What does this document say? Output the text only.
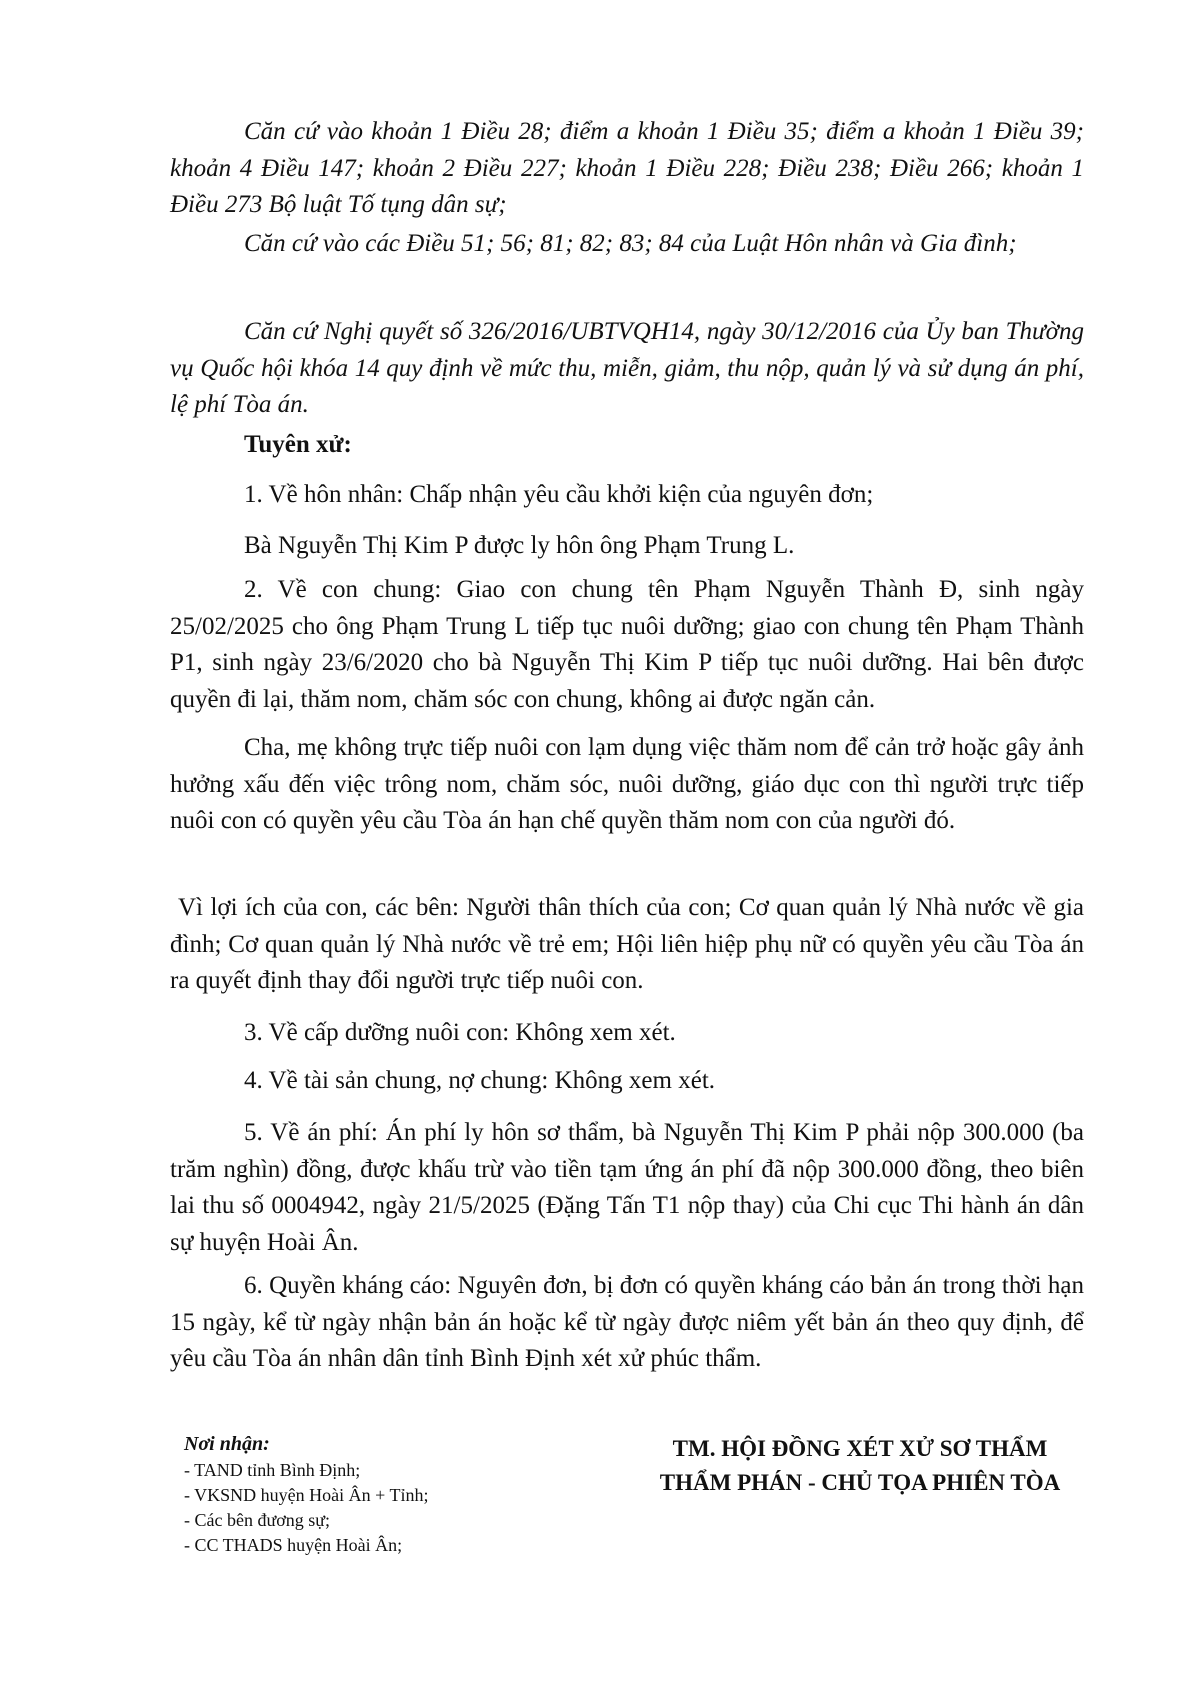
Căn cứ vào khoản 1 Điều 28; điểm a khoản 1 Điều 35; điểm a khoản 1 Điều 39; khoản 4 Điều 147; khoản 2 Điều 227; khoản 1 Điều 228; Điều 238; Điều 266; khoản 1 Điều 273 Bộ luật Tố tụng dân sự;

Căn cứ vào các Điều 51; 56; 81; 82; 83; 84 của Luật Hôn nhân và Gia đình;

Căn cứ Nghị quyết số 326/2016/UBTVQH14, ngày 30/12/2016 của Ủy ban Thường vụ Quốc hội khóa 14 quy định về mức thu, miễn, giảm, thu nộp, quản lý và sử dụng án phí, lệ phí Tòa án.

Tuyên xử:

1. Về hôn nhân: Chấp nhận yêu cầu khởi kiện của nguyên đơn;

Bà Nguyễn Thị Kim P được ly hôn ông Phạm Trung L.

2. Về con chung: Giao con chung tên Phạm Nguyễn Thành Đ, sinh ngày 25/02/2025 cho ông Phạm Trung L tiếp tục nuôi dưỡng; giao con chung tên Phạm Thành P1, sinh ngày 23/6/2020 cho bà Nguyễn Thị Kim P tiếp tục nuôi dưỡng. Hai bên được quyền đi lại, thăm nom, chăm sóc con chung, không ai được ngăn cản.

Cha, mẹ không trực tiếp nuôi con lạm dụng việc thăm nom để cản trở hoặc gây ảnh hưởng xấu đến việc trông nom, chăm sóc, nuôi dưỡng, giáo dục con thì người trực tiếp nuôi con có quyền yêu cầu Tòa án hạn chế quyền thăm nom con của người đó.

Vì lợi ích của con, các bên: Người thân thích của con; Cơ quan quản lý Nhà nước về gia đình; Cơ quan quản lý Nhà nước về trẻ em; Hội liên hiệp phụ nữ có quyền yêu cầu Tòa án ra quyết định thay đổi người trực tiếp nuôi con.

3. Về cấp dưỡng nuôi con: Không xem xét.

4. Về tài sản chung, nợ chung: Không xem xét.

5. Về án phí: Án phí ly hôn sơ thẩm, bà Nguyễn Thị Kim P phải nộp 300.000 (ba trăm nghìn) đồng, được khấu trừ vào tiền tạm ứng án phí đã nộp 300.000 đồng, theo biên lai thu số 0004942, ngày 21/5/2025 (Đặng Tấn T1 nộp thay) của Chi cục Thi hành án dân sự huyện Hoài Ân.

6. Quyền kháng cáo: Nguyên đơn, bị đơn có quyền kháng cáo bản án trong thời hạn 15 ngày, kể từ ngày nhận bản án hoặc kể từ ngày được niêm yết bản án theo quy định, để yêu cầu Tòa án nhân dân tỉnh Bình Định xét xử phúc thẩm.

Nơi nhận:
- TAND tỉnh Bình Định;
- VKSND huyện Hoài Ân + Tỉnh;
- Các bên đương sự;
- CC THADS huyện Hoài Ân;
TM. HỘI ĐỒNG XÉT XỬ SƠ THẨM
THẨM PHÁN - CHỦ TỌA PHIÊN TÒA
